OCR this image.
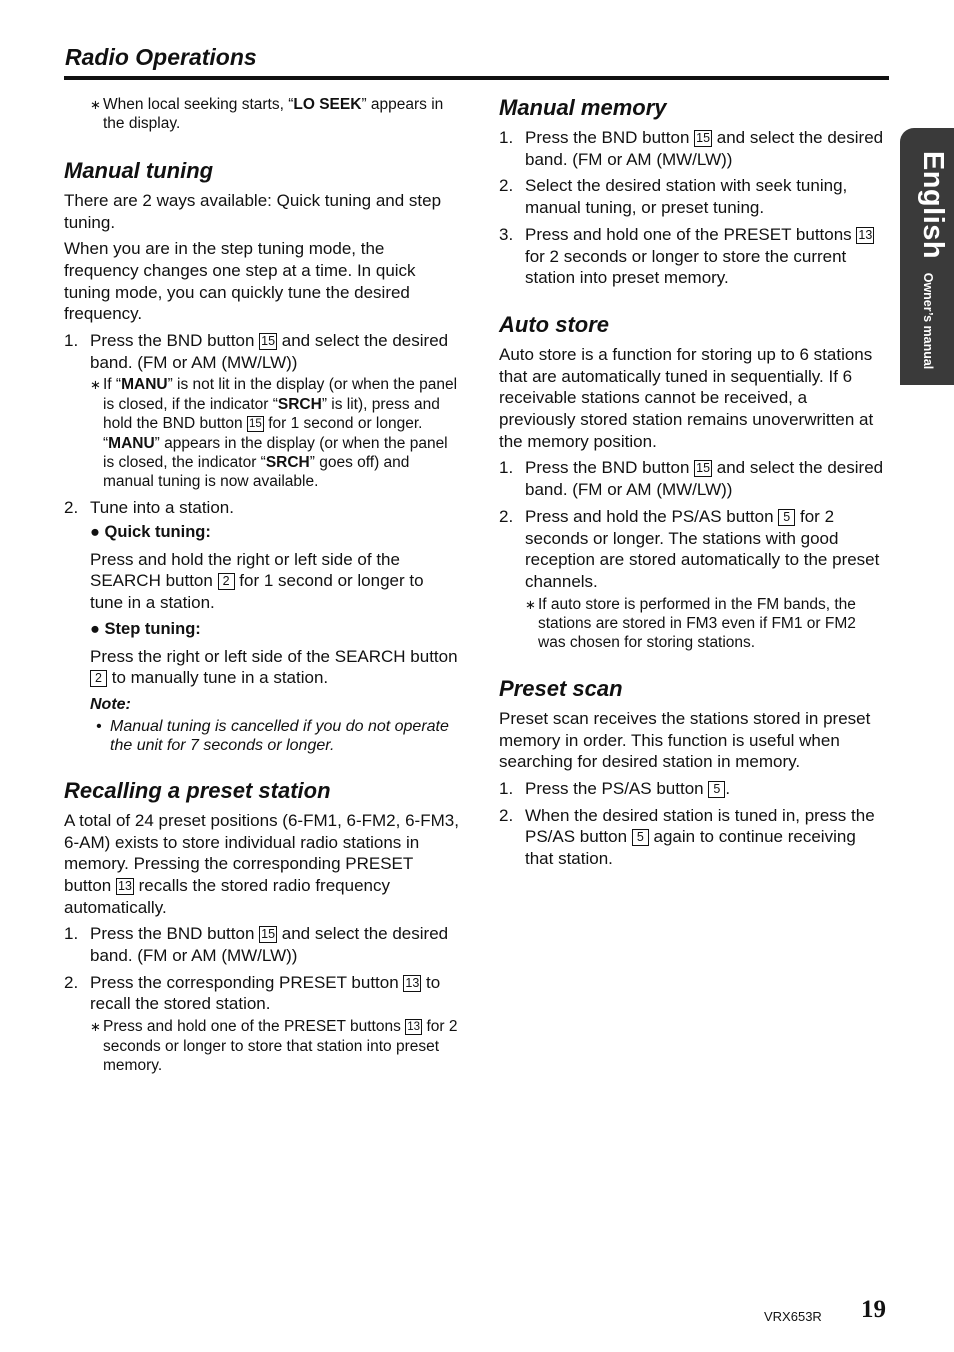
Radio Operations
English
Owner’s manual
∗ When local seeking starts, “LO SEEK” appears in the display.
Manual tuning

There are 2 ways available: Quick tuning and step tuning.

When you are in the step tuning mode, the frequency changes one step at a time. In quick tuning mode, you can quickly tune the desired frequency.

1. Press the BND button 15 and select the desired band. (FM or AM (MW/LW))
∗ If “MANU” is not lit in the display (or when the panel is closed, if the indicator “SRCH” is lit), press and hold the BND button 15 for 1 second or longer. “MANU” appears in the display (or when the panel is closed, the indicator “SRCH” goes off) and manual tuning is now available.
2. Tune into a station.
● Quick tuning:
Press and hold the right or left side of the SEARCH button 2 for 1 second or longer to tune in a station.
● Step tuning:
Press the right or left side of the SEARCH button 2 to manually tune in a station.
Note:
• Manual tuning is cancelled if you do not operate the unit for 7 seconds or longer.
Recalling a preset station

A total of 24 preset positions (6-FM1, 6-FM2, 6-FM3, 6-AM) exists to store individual radio stations in memory. Pressing the corresponding PRESET button 13 recalls the stored radio frequency automatically.

1. Press the BND button 15 and select the desired band. (FM or AM (MW/LW))
2. Press the corresponding PRESET button 13 to recall the stored station.
∗ Press and hold one of the PRESET buttons 13 for 2 seconds or longer to store that station into preset memory.
Manual memory
1. Press the BND button 15 and select the desired band. (FM or AM (MW/LW))
2. Select the desired station with seek tuning, manual tuning, or preset tuning.
3. Press and hold one of the PRESET buttons 13 for 2 seconds or longer to store the current station into preset memory.
Auto store

Auto store is a function for storing up to 6 stations that are automatically tuned in sequentially. If 6 receivable stations cannot be received, a previously stored station remains unoverwritten at the memory position.

1. Press the BND button 15 and select the desired band. (FM or AM (MW/LW))
2. Press and hold the PS/AS button 5 for 2 seconds or longer. The stations with good reception are stored automatically to the preset channels.
∗ If auto store is performed in the FM bands, the stations are stored in FM3 even if FM1 or FM2 was chosen for storing stations.
Preset scan

Preset scan receives the stations stored in preset memory in order. This function is useful when searching for desired station in memory.

1. Press the PS/AS button 5 .
2. When the desired station is tuned in, press the PS/AS button 5 again to continue receiving that station.
VRX653R 19
